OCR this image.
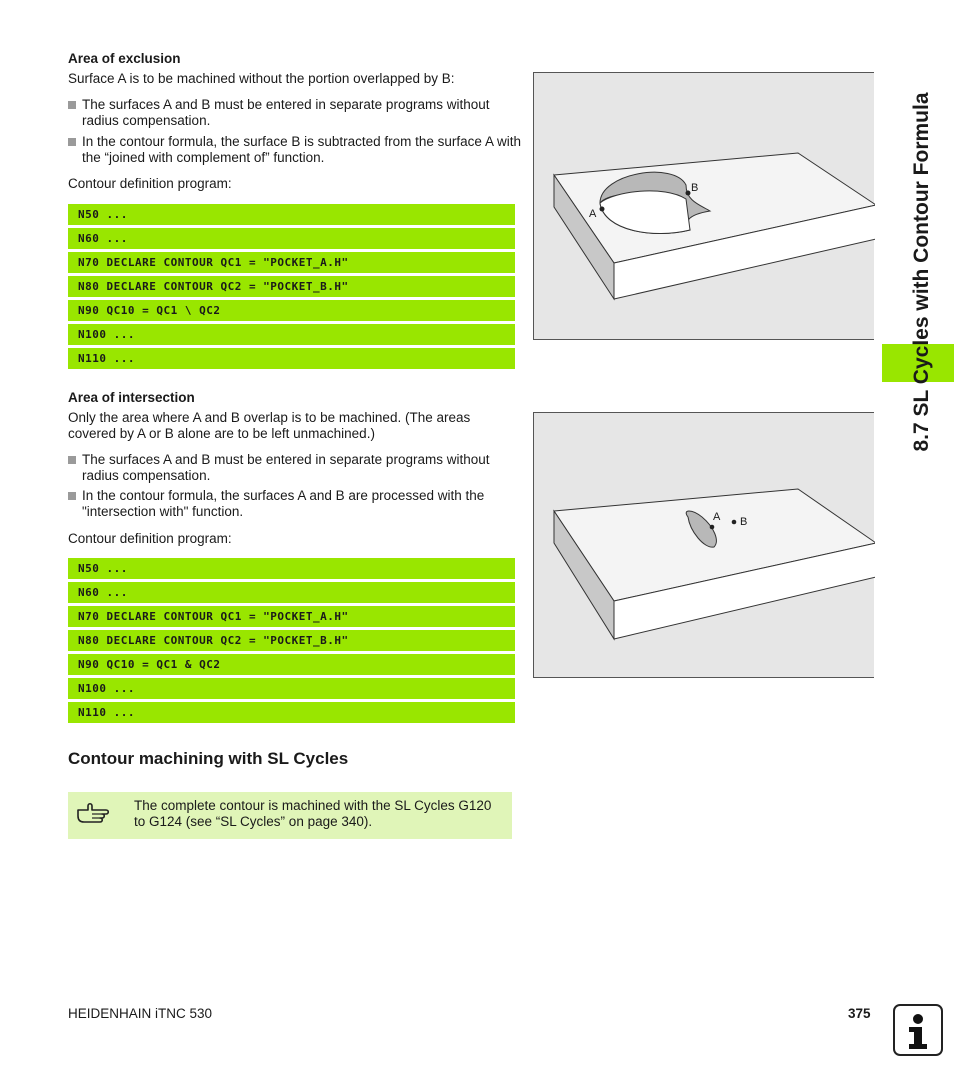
Area of exclusion
Surface A is to be machined without the portion overlapped by B:
The surfaces A and B must be entered in separate programs without radius compensation.
In the contour formula, the surface B is subtracted from the surface A with the “joined with complement of” function.
Contour definition program:
N50 ...
N60 ...
N70 DECLARE CONTOUR QC1 = "POCKET_A.H"
N80 DECLARE CONTOUR QC2 = "POCKET_B.H"
N90 QC10 = QC1 \ QC2
N100 ...
N110 ...
B
A
Area of intersection
Only the area where A and B overlap is to be machined. (The areas covered by A or B alone are to be left unmachined.)
The surfaces A and B must be entered in separate programs without radius compensation.
In the contour formula, the surfaces A and B are processed with the "intersection with" function.
Contour definition program:
N50 ...
N60 ...
N70 DECLARE CONTOUR QC1 = "POCKET_A.H"
N80 DECLARE CONTOUR QC2 = "POCKET_B.H"
N90 QC10 = QC1 & QC2
N100 ...
N110 ...
A B
Contour machining with SL Cycles
The complete contour is machined with the SL Cycles G120 to G124 (see “SL Cycles” on page 340).
8.7 SL Cycles with Contour Formula
HEIDENHAIN iTNC 530	375
